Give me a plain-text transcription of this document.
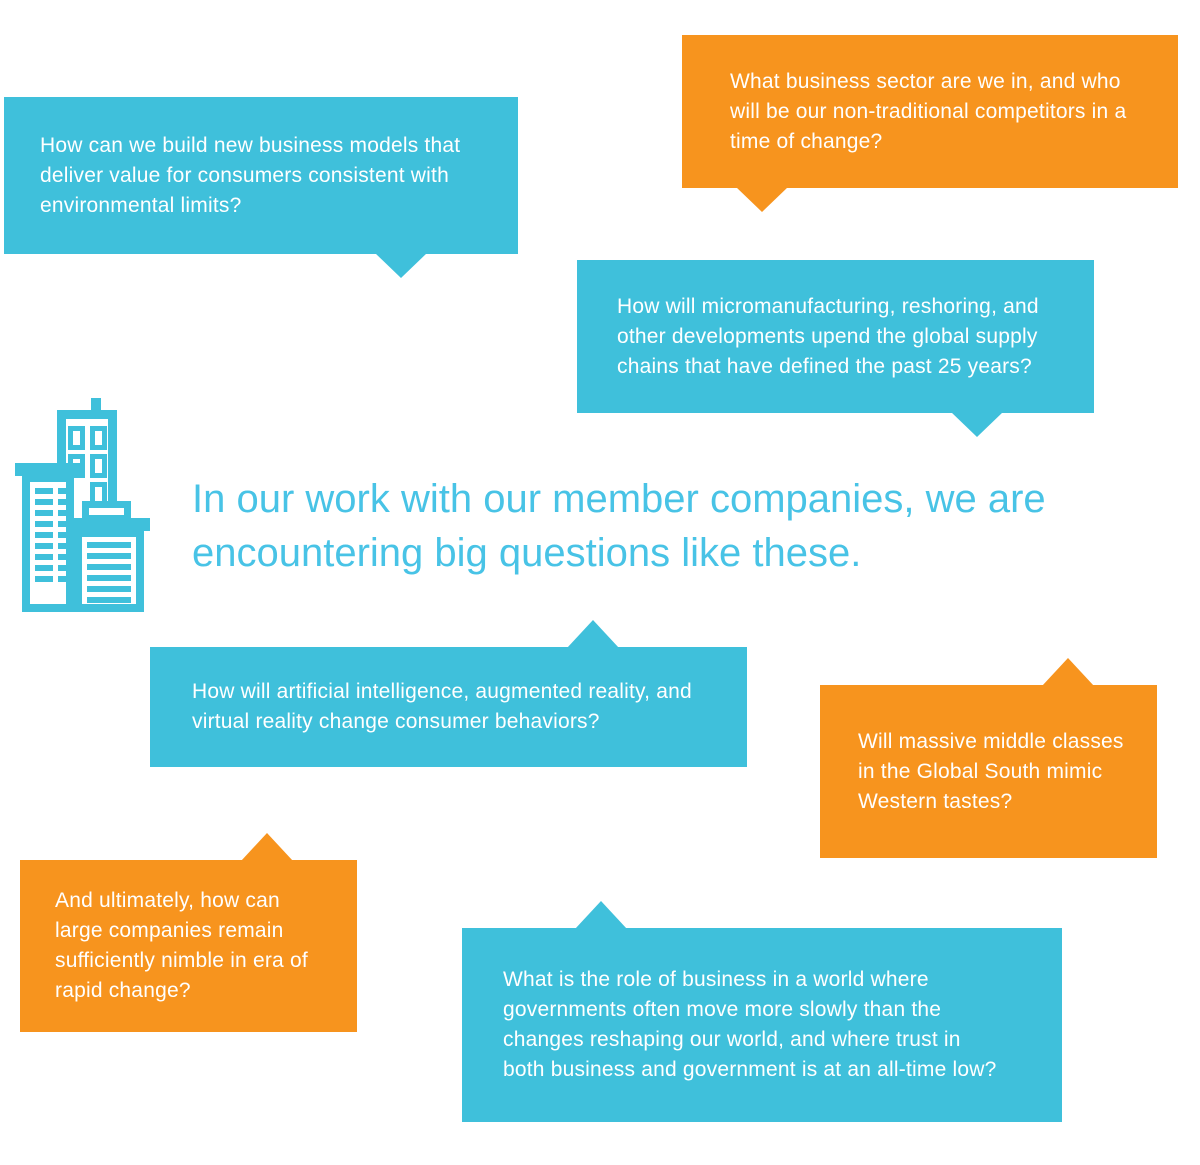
How can we build new business models that
deliver value for consumers consistent with
environmental limits?
What business sector are we in, and who
will be our non-traditional competitors in a
time of change?
How will micromanufacturing, reshoring, and
other developments upend the global supply
chains that have defined the past 25 years?
In our work with our member companies, we are
encountering big questions like these.
How will artificial intelligence, augmented reality, and
virtual reality change consumer behaviors?
Will massive middle classes
in the Global South mimic
Western tastes?
And ultimately, how can
large companies remain
sufficiently nimble in era of
rapid change?	What is the role of business in a world where
governments often move more slowly than the
changes reshaping our world, and where trust in
both business and government is at an all-time low?
